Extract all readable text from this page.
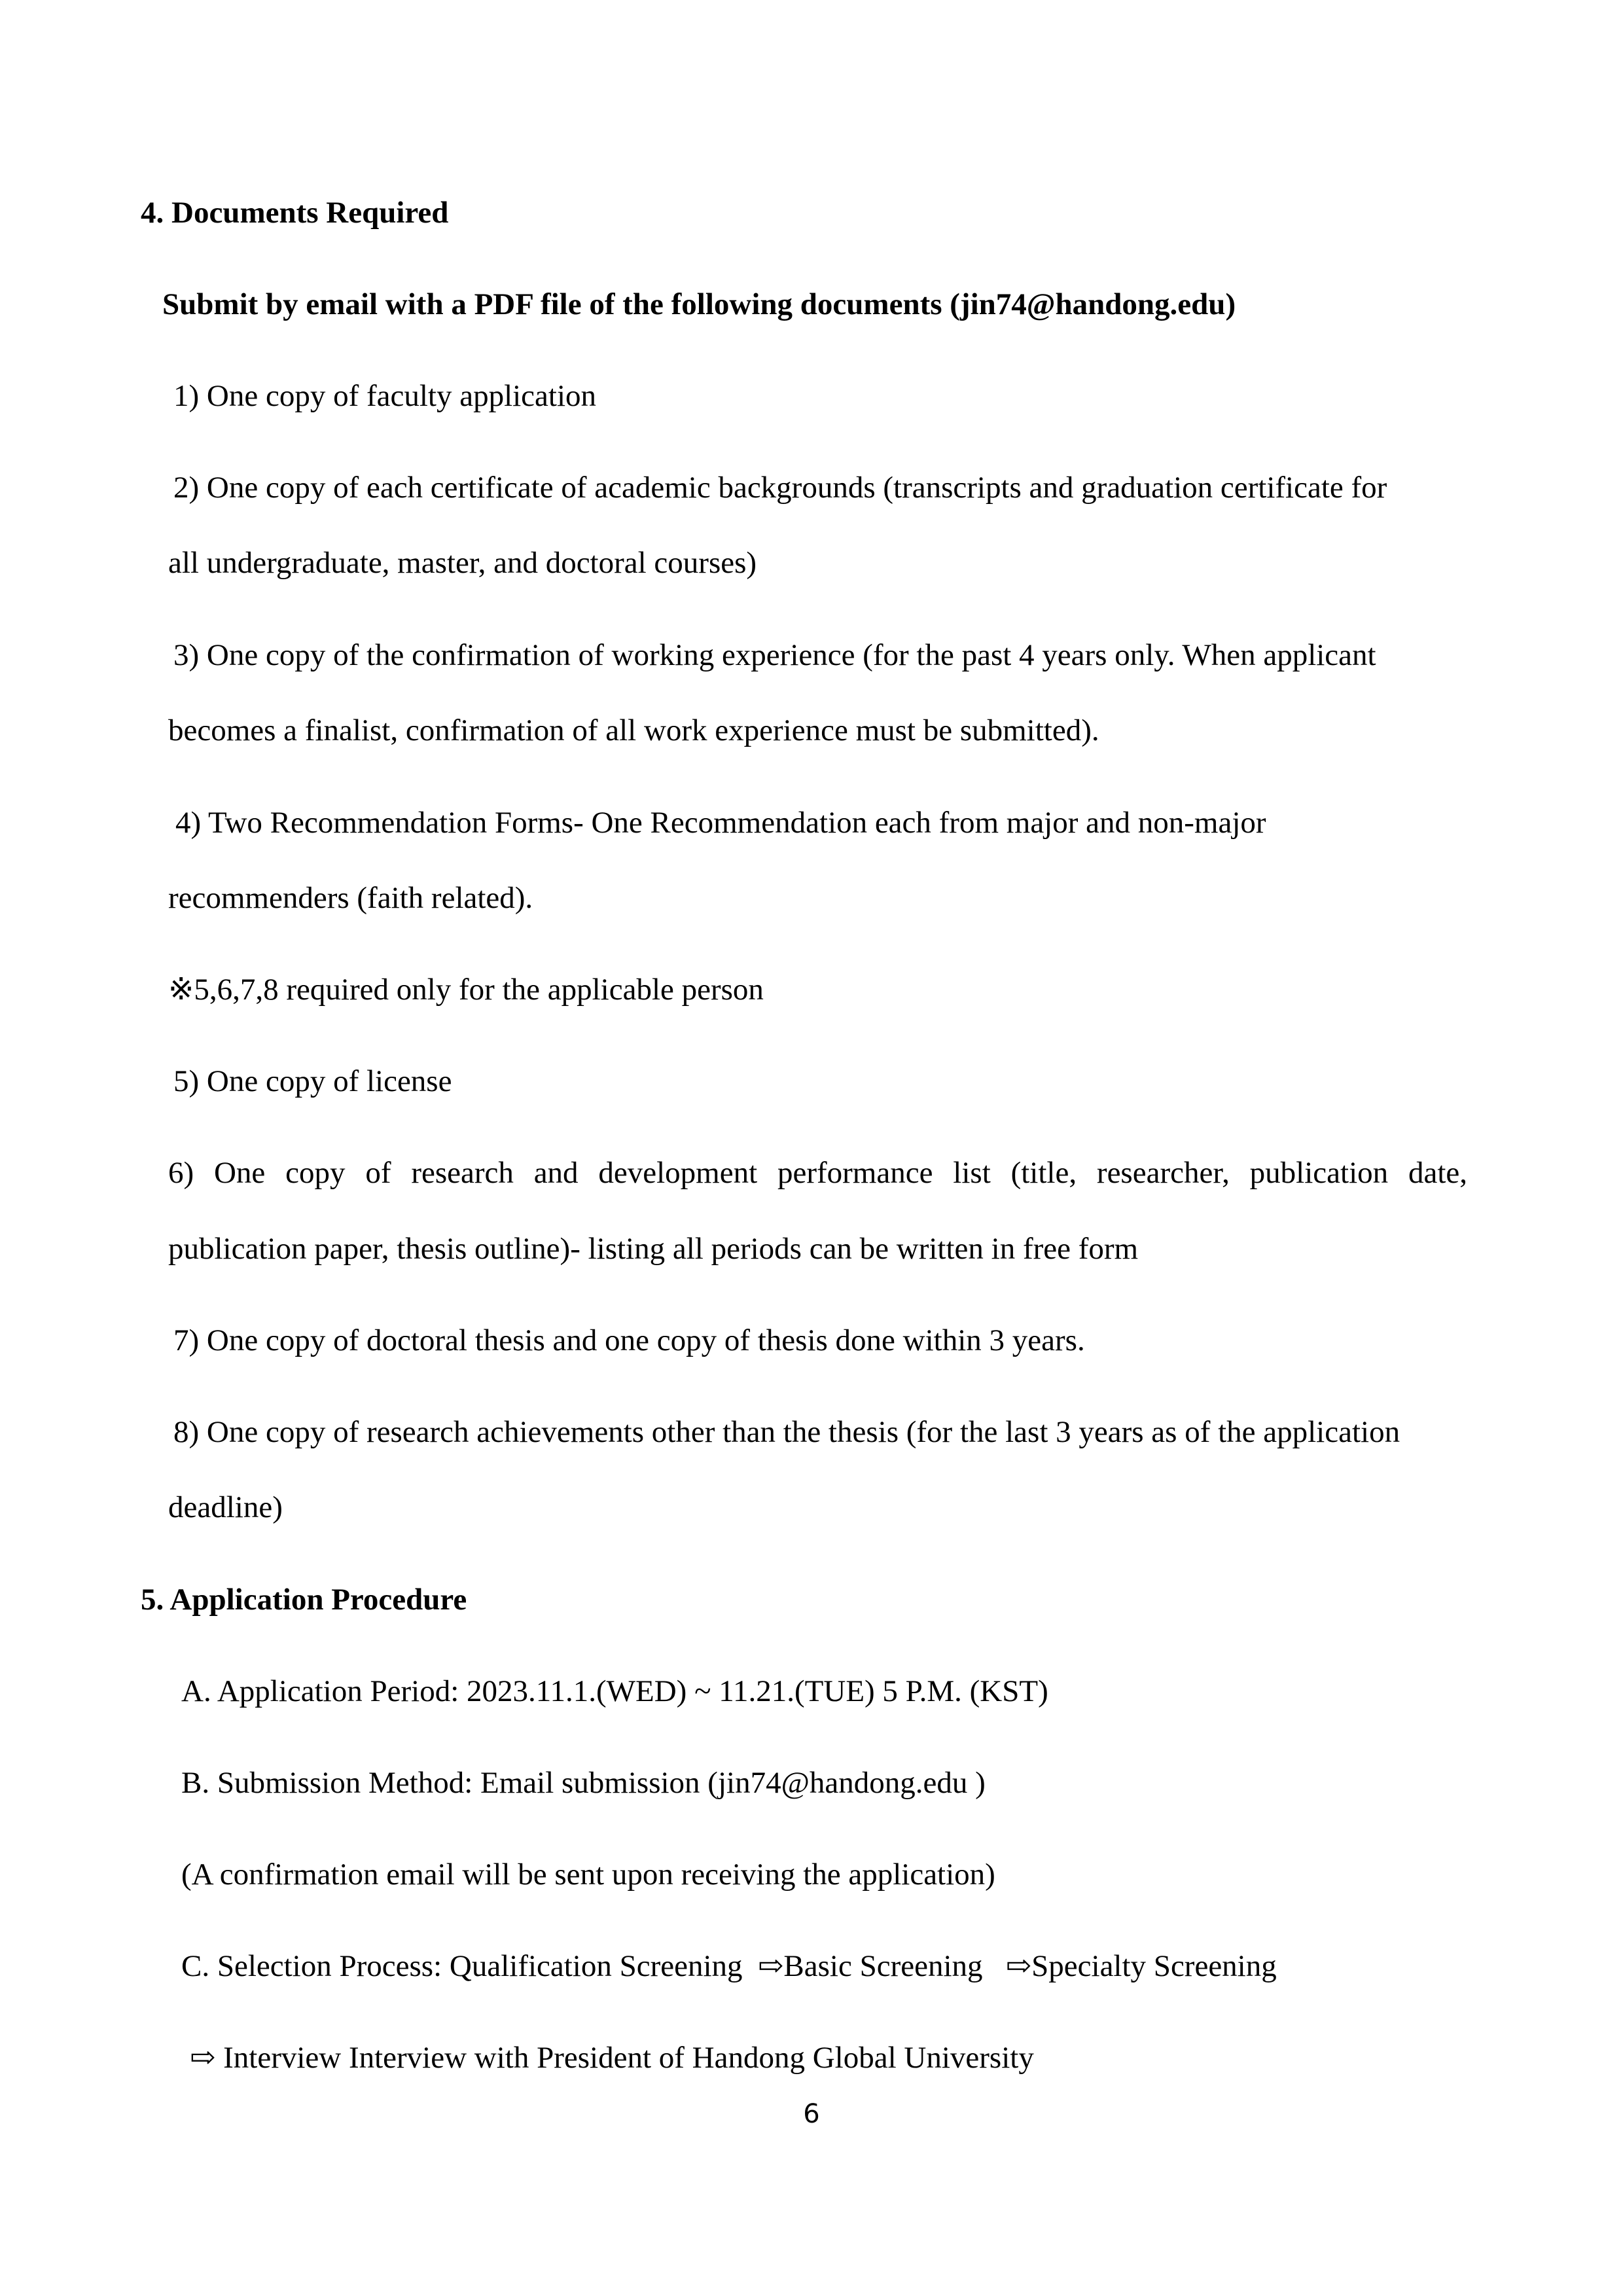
4. Documents Required
Submit by email with a PDF file of the following documents (jin74@handong.edu)
1) One copy of faculty application
2) One copy of each certificate of academic backgrounds (transcripts and graduation certificate for
all undergraduate, master, and doctoral courses)
3) One copy of the confirmation of working experience (for the past 4 years only. When applicant
becomes a finalist, confirmation of all work experience must be submitted).
4) Two Recommendation Forms- One Recommendation each from major and non-major
recommenders (faith related).
※5,6,7,8 required only for the applicable person
5) One copy of license
6) One copy of research and development performance list (title, researcher, publication date,
publication paper, thesis outline)- listing all periods can be written in free form
7) One copy of doctoral thesis and one copy of thesis done within 3 years.
8) One copy of research achievements other than the thesis (for the last 3 years as of the application
deadline)
5. Application Procedure
A. Application Period: 2023.11.1.(WED) ~ 11.21.(TUE) 5 P.M. (KST)
B. Submission Method: Email submission (jin74@handong.edu )
(A confirmation email will be sent upon receiving the application)
C. Selection Process: Qualification Screening  ⇨Basic Screening   ⇨Specialty Screening
⇨ Interview Interview with President of Handong Global University
6
